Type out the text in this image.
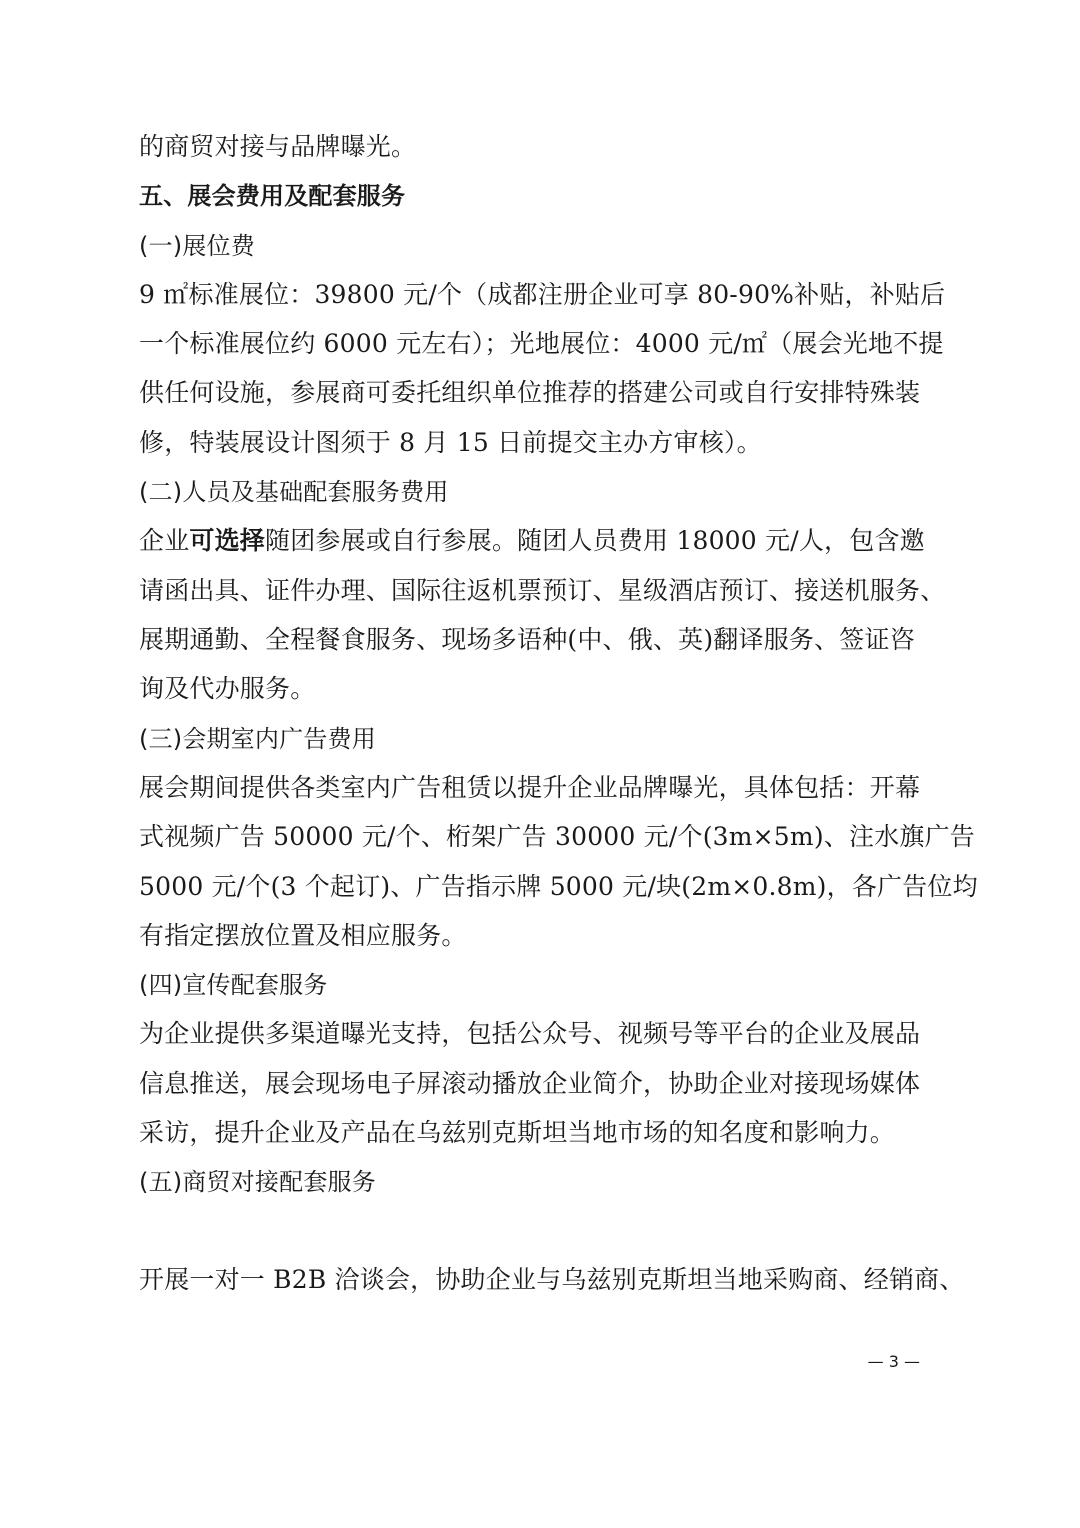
的商贸对接与品牌曝光。
五、展会费用及配套服务
(一)展位费
9 ㎡标准展位：39800 元/个（成都注册企业可享 80-90%补贴，补贴后
一个标准展位约 6000 元左右）；光地展位：4000 元/㎡（展会光地不提
供任何设施，参展商可委托组织单位推荐的搭建公司或自行安排特殊装
修，特装展设计图须于 8 月 15 日前提交主办方审核）。
(二)人员及基础配套服务费用
企业可选择随团参展或自行参展。随团人员费用 18000 元/人，包含邀
请函出具、证件办理、国际往返机票预订、星级酒店预订、接送机服务、
展期通勤、全程餐食服务、现场多语种(中、俄、英)翻译服务、签证咨
询及代办服务。
(三)会期室内广告费用
展会期间提供各类室内广告租赁以提升企业品牌曝光，具体包括：开幕
式视频广告 50000 元/个、桁架广告 30000 元/个(3m×5m)、注水旗广告
5000 元/个(3 个起订)、广告指示牌 5000 元/块(2m×0.8m)，各广告位均
有指定摆放位置及相应服务。
(四)宣传配套服务
为企业提供多渠道曝光支持，包括公众号、视频号等平台的企业及展品
信息推送，展会现场电子屏滚动播放企业简介，协助企业对接现场媒体
采访，提升企业及产品在乌兹别克斯坦当地市场的知名度和影响力。
(五)商贸对接配套服务
开展一对一 B2B 洽谈会，协助企业与乌兹别克斯坦当地采购商、经销商、
— 3 —
